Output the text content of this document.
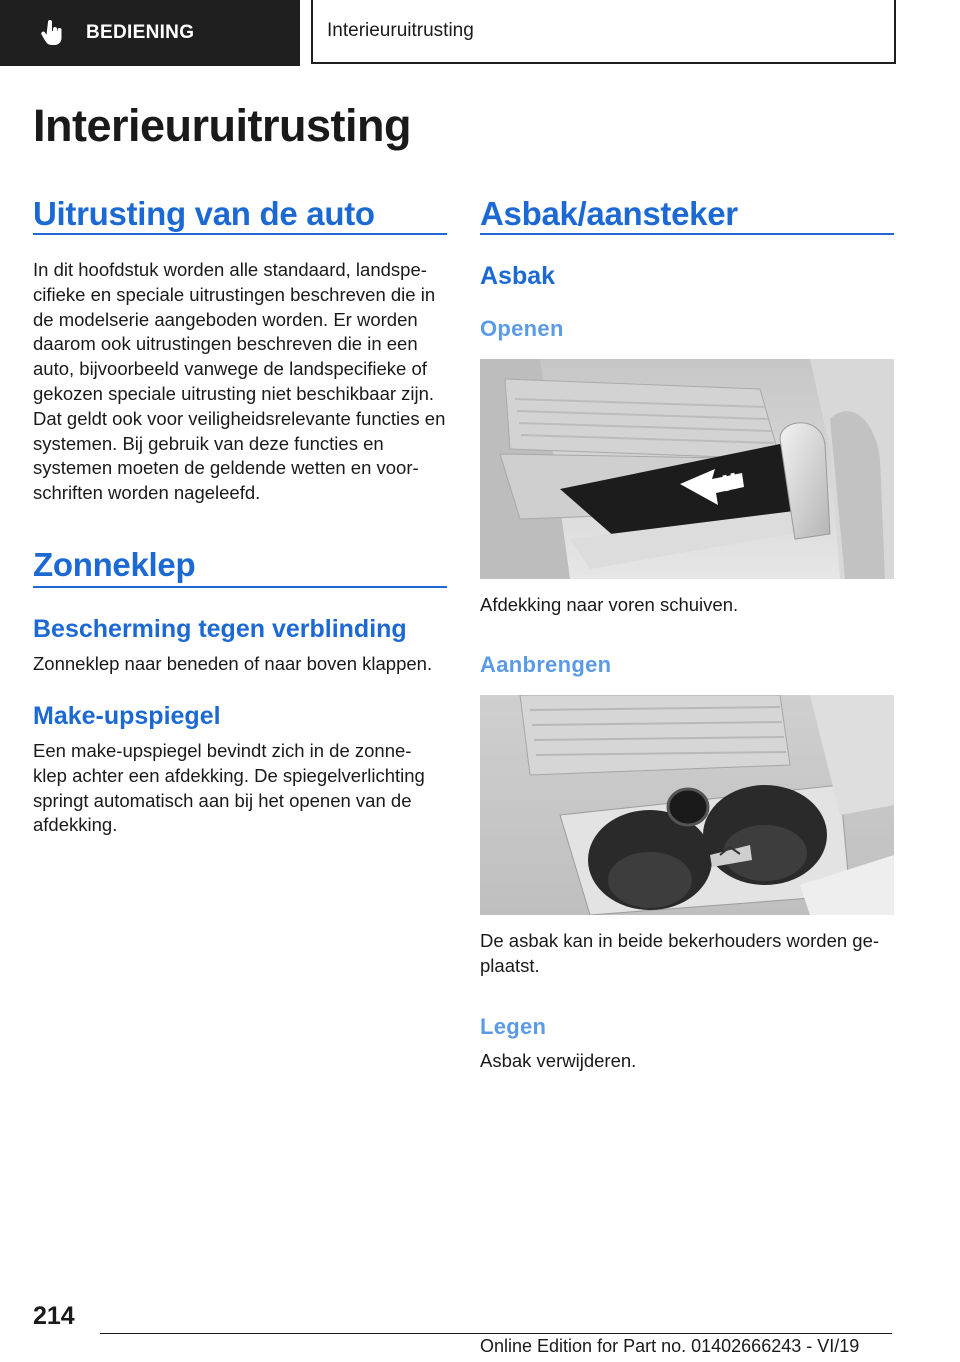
BEDIENING	Interieuruitrusting
Interieuruitrusting
Uitrusting van de auto
In dit hoofdstuk worden alle standaard, landspe‐ cifieke en speciale uitrustingen beschreven die in de modelserie aangeboden worden. Er worden daarom ook uitrustingen beschreven die in een auto, bijvoorbeeld vanwege de landspecifieke of gekozen speciale uitrusting niet beschikbaar zijn. Dat geldt ook voor veiligheidsrelevante functies en systemen. Bij gebruik van deze functies en systemen moeten de geldende wetten en voor‐ schriften worden nageleefd.
Zonneklep
Bescherming tegen verblinding
Zonneklep naar beneden of naar boven klappen.
Make-upspiegel
Een make-upspiegel bevindt zich in de zonne‐ klep achter een afdekking. De spiegelverlichting springt automatisch aan bij het openen van de afdekking.
Asbak/aansteker
Asbak
Openen
Afdekking naar voren schuiven.
Aanbrengen
De asbak kan in beide bekerhouders worden ge‐ plaatst.
Legen
Asbak verwijderen.
214
Online Edition for Part no. 01402666243 - VI/19
